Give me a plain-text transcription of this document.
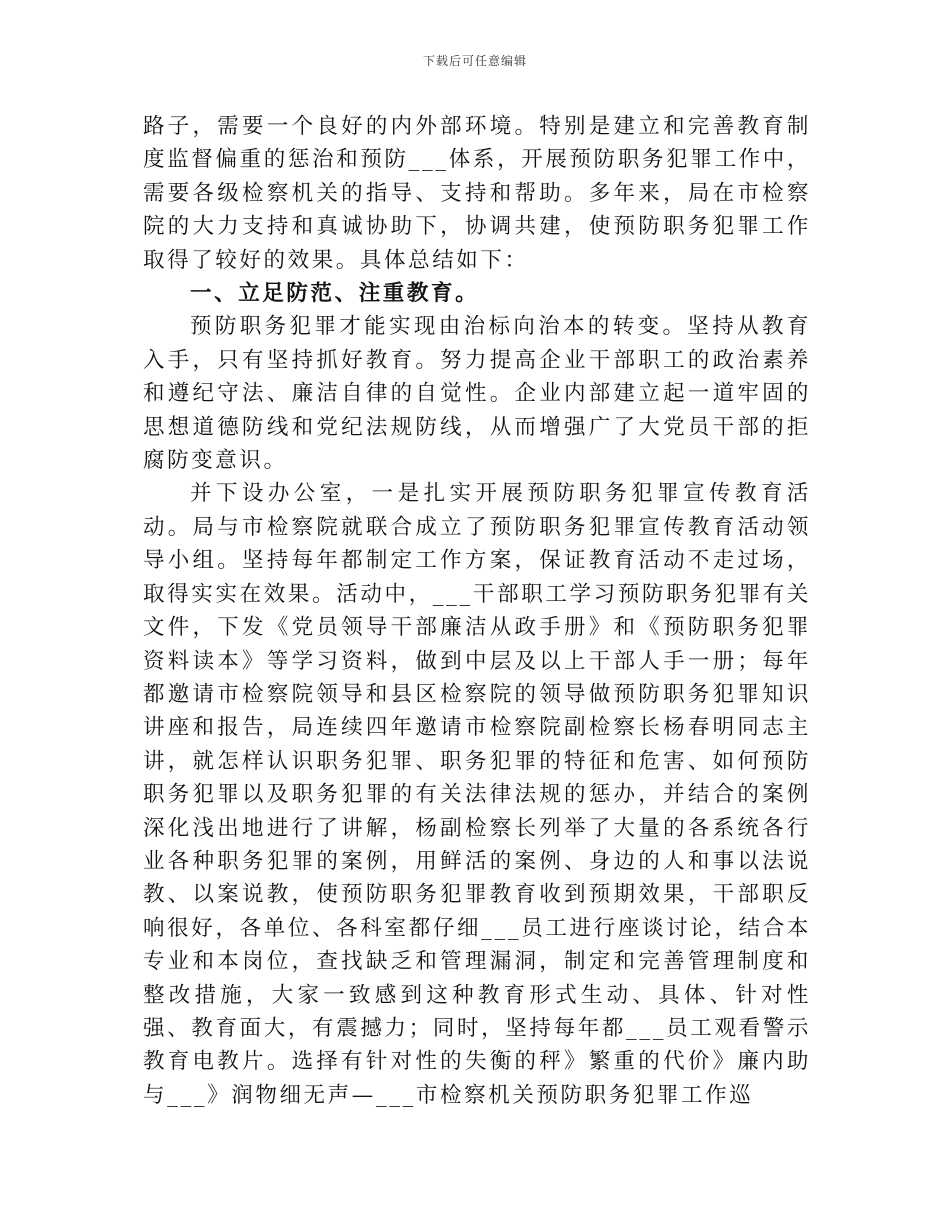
下载后可任意编辑

路子，需要一个良好的内外部环境。特别是建立和完善教育制度监督偏重的惩治和预防___体系，开展预防职务犯罪工作中，需要各级检察机关的指导、支持和帮助。多年来，局在市检察院的大力支持和真诚协助下，协调共建，使预防职务犯罪工作取得了较好的效果。具体总结如下：

一、立足防范、注重教育。

预防职务犯罪才能实现由治标向治本的转变。坚持从教育入手，只有坚持抓好教育。努力提高企业干部职工的政治素养和遵纪守法、廉洁自律的自觉性。企业内部建立起一道牢固的思想道德防线和党纪法规防线，从而增强广了大党员干部的拒腐防变意识。

并下设办公室，一是扎实开展预防职务犯罪宣传教育活动。局与市检察院就联合成立了预防职务犯罪宣传教育活动领导小组。坚持每年都制定工作方案，保证教育活动不走过场，取得实实在效果。活动中，___干部职工学习预防职务犯罪有关文件，下发《党员领导干部廉洁从政手册》和《预防职务犯罪资料读本》等学习资料，做到中层及以上干部人手一册；每年都邀请市检察院领导和县区检察院的领导做预防职务犯罪知识讲座和报告，局连续四年邀请市检察院副检察长杨春明同志主讲，就怎样认识职务犯罪、职务犯罪的特征和危害、如何预防职务犯罪以及职务犯罪的有关法律法规的惩办，并结合的案例深化浅出地进行了讲解，杨副检察长列举了大量的各系统各行业各种职务犯罪的案例，用鲜活的案例、身边的人和事以法说教、以案说教，使预防职务犯罪教育收到预期效果，干部职反响很好，各单位、各科室都仔细___员工进行座谈讨论，结合本专业和本岗位，查找缺乏和管理漏洞，制定和完善管理制度和整改措施，大家一致感到这种教育形式生动、具体、针对性强、教育面大，有震撼力；同时，坚持每年都___员工观看警示教育电教片。选择有针对性的失衡的秤》繁重的代价》廉内助与___》润物细无声—___市检察机关预防职务犯罪工作巡
